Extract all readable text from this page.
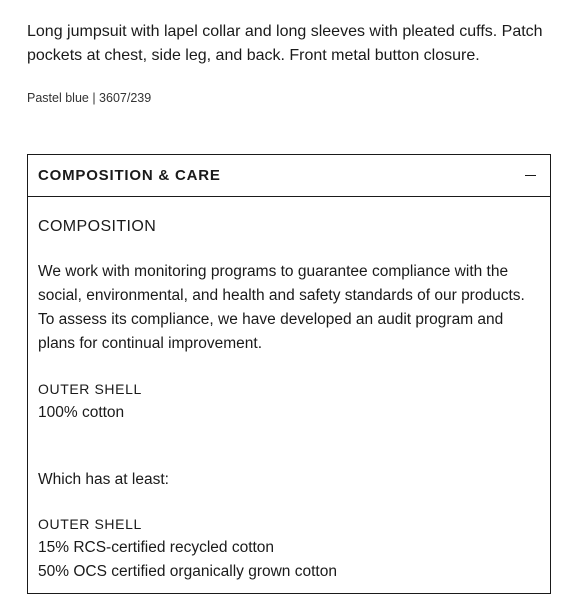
Long jumpsuit with lapel collar and long sleeves with pleated cuffs. Patch pockets at chest, side leg, and back. Front metal button closure.

Pastel blue | 3607/239

COMPOSITION & CARE

COMPOSITION

We work with monitoring programs to guarantee compliance with the social, environmental, and health and safety standards of our products. To assess its compliance, we have developed an audit program and plans for continual improvement.

OUTER SHELL

100% cotton

Which has at least:

OUTER SHELL

15% RCS-certified recycled cotton

50% OCS certified organically grown cotton
